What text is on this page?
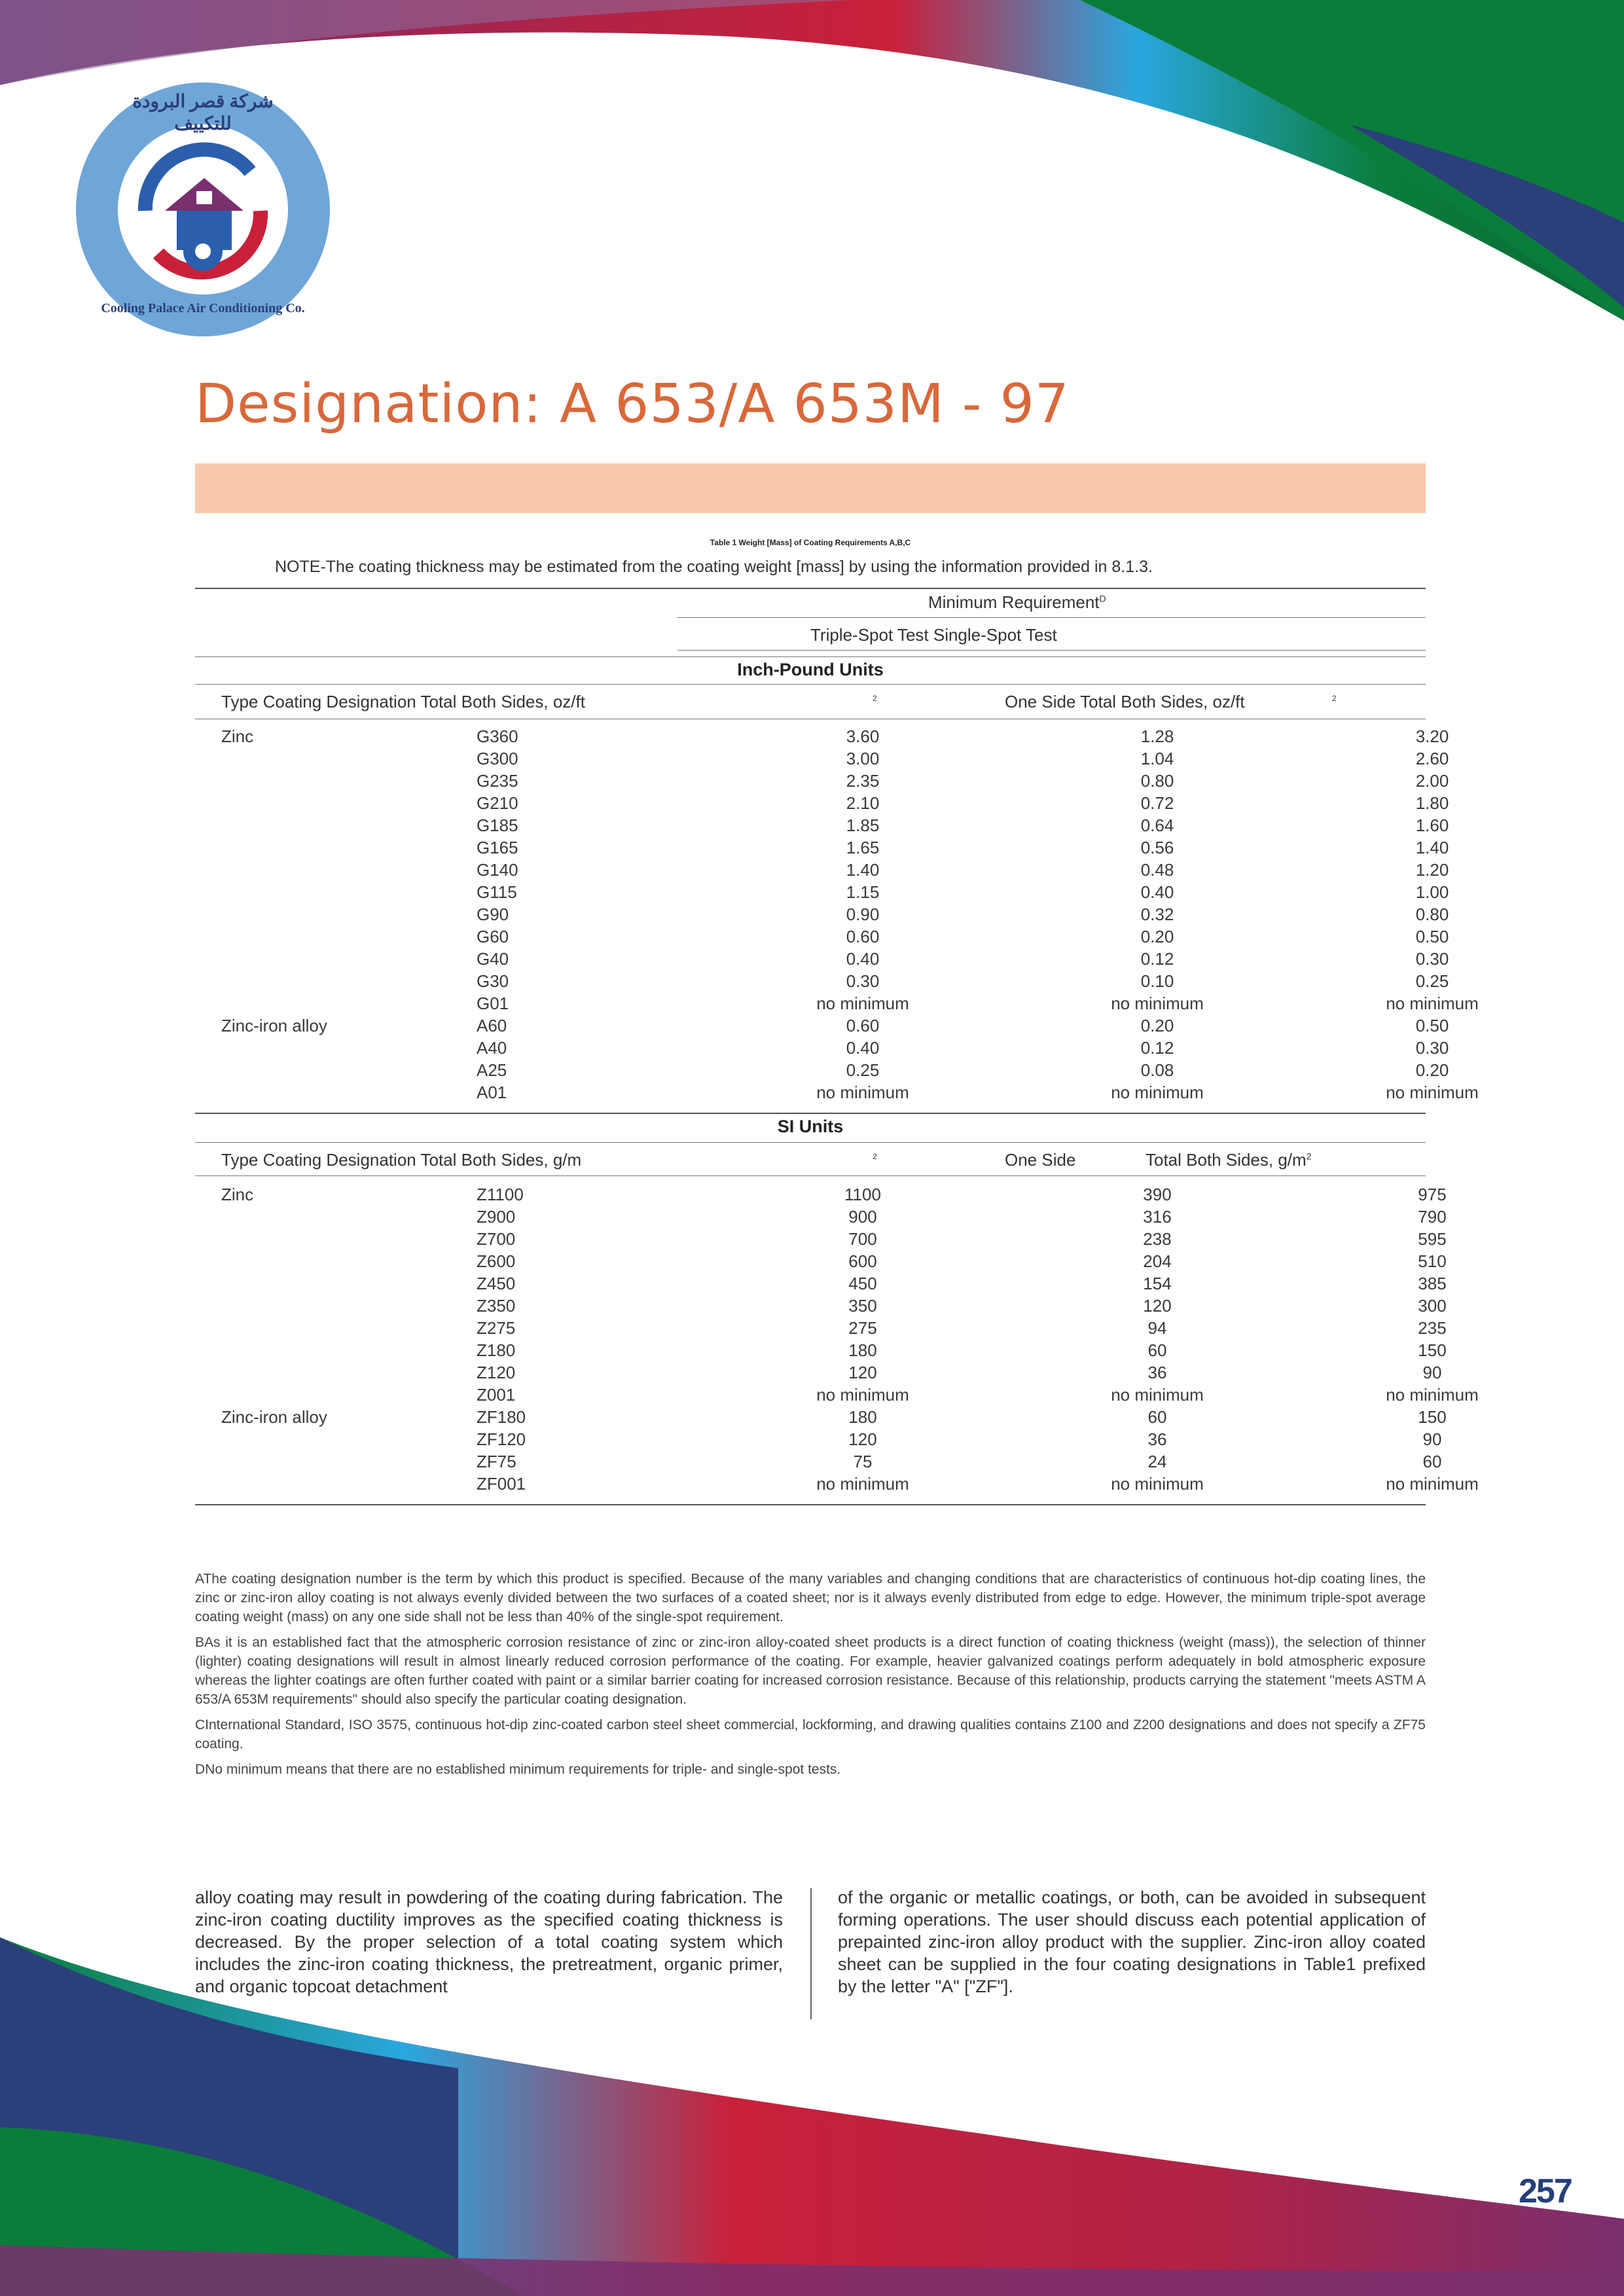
شركة قصر البرودة للتكييف
Cooling Palace Air Conditioning Co.
Designation: A 653/A 653M - 97
Table 1 Weight [Mass] of Coating Requirements A,B,C
NOTE-The coating thickness may be estimated from the coating weight [mass] by using the information provided in 8.1.3.
Minimum Requirement$^D$
Triple-Spot Test Single-Spot Test
Inch-Pound Units
Type Coating Designation Total Both Sides, oz/ft	2	One Side Total Both Sides, oz/ft	2
Zinc	G360	3.60	1.28	3.20
G300	3.00	1.04	2.60
G235	2.35	0.80	2.00
G210	2.10	0.72	1.80
G185	1.85	0.64	1.60
G165	1.65	0.56	1.40
G140	1.40	0.48	1.20
G115	1.15	0.40	1.00
G90	0.90	0.32	0.80
G60	0.60	0.20	0.50
G40	0.40	0.12	0.30
G30	0.30	0.10	0.25
G01	no minimum	no minimum	no minimum
Zinc-iron alloy	A60	0.60	0.20	0.50
A40	0.40	0.12	0.30
A25	0.25	0.08	0.20
A01	no minimum	no minimum	no minimum
SI Units
Type Coating Designation Total Both Sides, g/m	2	One Side	Total Both Sides, $g/m^2$
Zinc	Z1100	1100	390	975
Z900	900	316	790
Z700	700	238	595
Z600	600	204	510
Z450	450	154	385
Z350	350	120	300
Z275	275	94	235
Z180	180	60	150
Z120	120	36	90
Z001	no minimum	no minimum	no minimum
Zinc-iron alloy	ZF180	180	60	150
ZF120	120	36	90
ZF75	75	24	60
ZF001	no minimum	no minimum	no minimum

AThe coating designation number is the term by which this product is specified. Because of the many variables and changing conditions that are characteristics of continuous hot-dip coating lines, the zinc or zinc-iron alloy coating is not always evenly divided between the two surfaces of a coated sheet; nor is it always evenly distributed from edge to edge. However, the minimum triple-spot average coating weight (mass) on any one side shall not be less than 40% of the single-spot requirement.

BAs it is an established fact that the atmospheric corrosion resistance of zinc or zinc-iron alloy-coated sheet products is a direct function of coating thickness (weight (mass)), the selection of thinner (lighter) coating designations will result in almost linearly reduced corrosion performance of the coating. For example, heavier galvanized coatings perform adequately in bold atmospheric exposure whereas the lighter coatings are often further coated with paint or a similar barrier coating for increased corrosion resistance. Because of this relationship, products carrying the statement "meets ASTM A 653/A 653M requirements" should also specify the particular coating designation.

CInternational Standard, ISO 3575, continuous hot-dip zinc-coated carbon steel sheet commercial, lockforming, and drawing qualities contains Z100 and Z200 designations and does not specify a ZF75 coating.

DNo minimum means that there are no established minimum requirements for triple- and single-spot tests.

alloy coating may result in powdering of the coating during fabrication. The zinc-iron coating ductility improves as the specified coating thickness is decreased. By the proper selection of a total coating system which includes the zinc-iron coating thickness, the pretreatment, organic primer, and organic topcoat detachment
of the organic or metallic coatings, or both, can be avoided in subsequent forming operations. The user should discuss each potential application of prepainted zinc-iron alloy product with the supplier. Zinc-iron alloy coated sheet can be supplied in the four coating designations in Table1 prefixed by the letter "A" ["ZF"].
257
